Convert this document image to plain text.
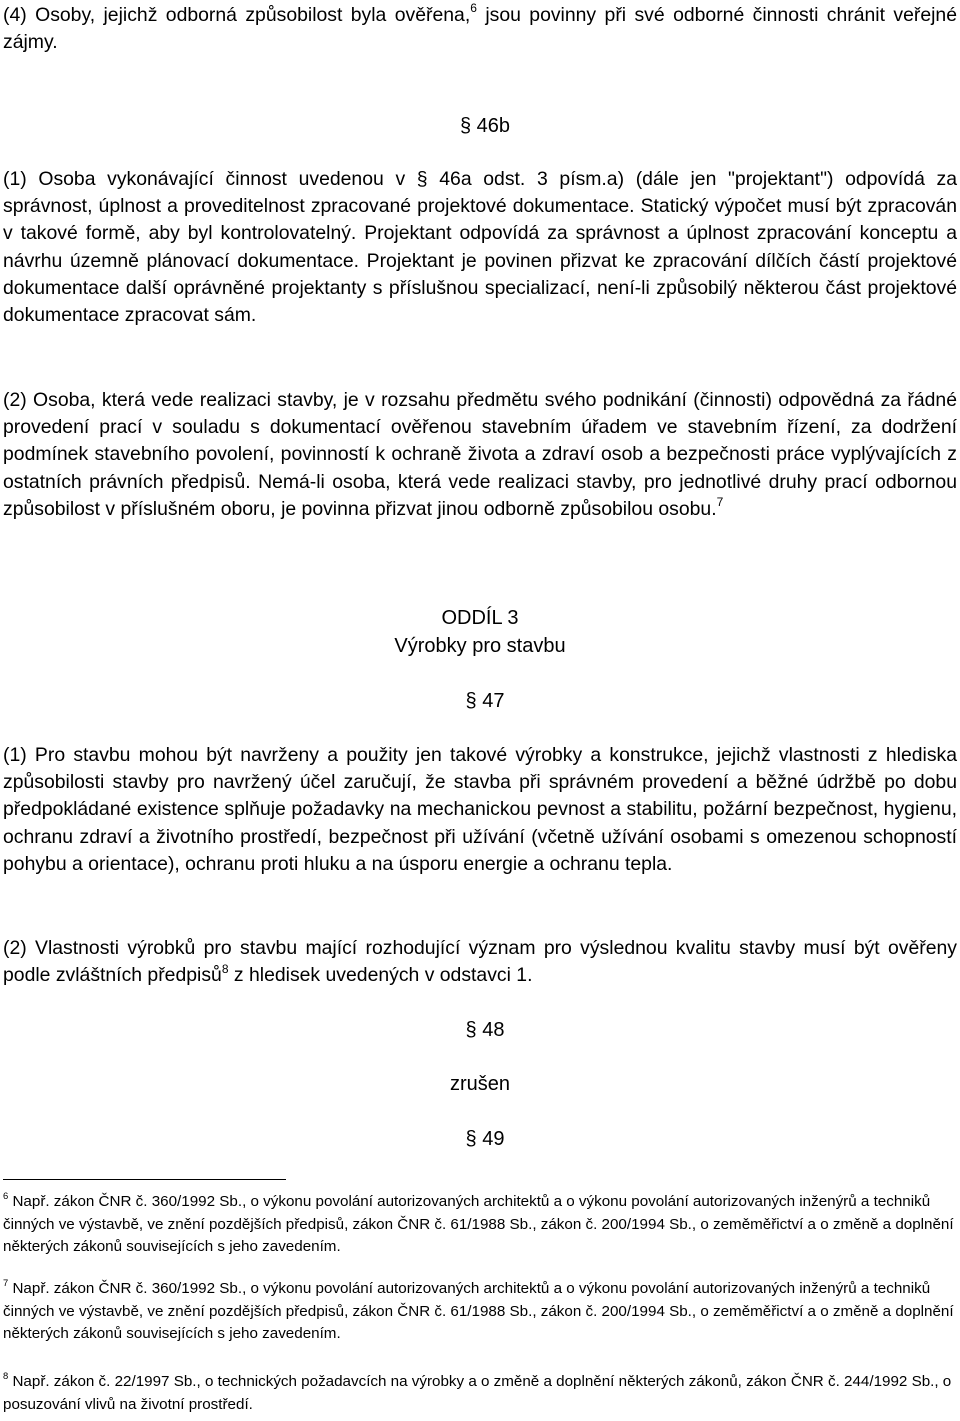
(4) Osoby, jejichž odborná způsobilost byla ověřena,$^6$ jsou povinny při své odborné činnosti chránit veřejné zájmy.

§ 46b

(1) Osoba vykonávající činnost uvedenou v § 46a odst. 3 písm.a) (dále jen "projektant") odpovídá za správnost, úplnost a proveditelnost zpracované projektové dokumentace. Statický výpočet musí být zpracován v takové formě, aby byl kontrolovatelný. Projektant odpovídá za správnost a úplnost zpracování konceptu a návrhu územně plánovací dokumentace. Projektant je povinen přizvat ke zpracování dílčích částí projektové dokumentace další oprávněné projektanty s příslušnou specializací, není-li způsobilý některou část projektové dokumentace zpracovat sám.

(2) Osoba, která vede realizaci stavby, je v rozsahu předmětu svého podnikání (činnosti) odpovědná za řádné provedení prací v souladu s dokumentací ověřenou stavebním úřadem ve stavebním řízení, za dodržení podmínek stavebního povolení, povinností k ochraně života a zdraví osob a bezpečnosti práce vyplývajících z ostatních právních předpisů. Nemá-li osoba, která vede realizaci stavby, pro jednotlivé druhy prací odbornou způsobilost v příslušném oboru, je povinna přizvat jinou odborně způsobilou osobu.$^7$

ODDÍL 3

Výrobky pro stavbu

§ 47

(1) Pro stavbu mohou být navrženy a použity jen takové výrobky a konstrukce, jejichž vlastnosti z hlediska způsobilosti stavby pro navržený účel zaručují, že stavba při správném provedení a běžné údržbě po dobu předpokládané existence splňuje požadavky na mechanickou pevnost a stabilitu, požární bezpečnost, hygienu, ochranu zdraví a životního prostředí, bezpečnost při užívání (včetně užívání osobami s omezenou schopností pohybu a orientace), ochranu proti hluku a na úsporu energie a ochranu tepla.

(2) Vlastnosti výrobků pro stavbu mající rozhodující význam pro výslednou kvalitu stavby musí být ověřeny podle zvláštních předpisů$^8$ z hledisek uvedených v odstavci 1.

§ 48

zrušen

§ 49

$^6$ Např. zákon ČNR č. 360/1992 Sb., o výkonu povolání autorizovaných architektů a o výkonu povolání autorizovaných inženýrů a techniků činných ve výstavbě, ve znění pozdějších předpisů, zákon ČNR č. 61/1988 Sb., zákon č. 200/1994 Sb., o zeměměřictví a o změně a doplnění některých zákonů souvisejících s jeho zavedením.

$^7$ Např. zákon ČNR č. 360/1992 Sb., o výkonu povolání autorizovaných architektů a o výkonu povolání autorizovaných inženýrů a techniků činných ve výstavbě, ve znění pozdějších předpisů, zákon ČNR č. 61/1988 Sb., zákon č. 200/1994 Sb., o zeměměřictví a o změně a doplnění některých zákonů souvisejících s jeho zavedením.

$^8$ Např. zákon č. 22/1997 Sb., o technických požadavcích na výrobky a o změně a doplnění některých zákonů, zákon ČNR č. 244/1992 Sb., o posuzování vlivů na životní prostředí.
